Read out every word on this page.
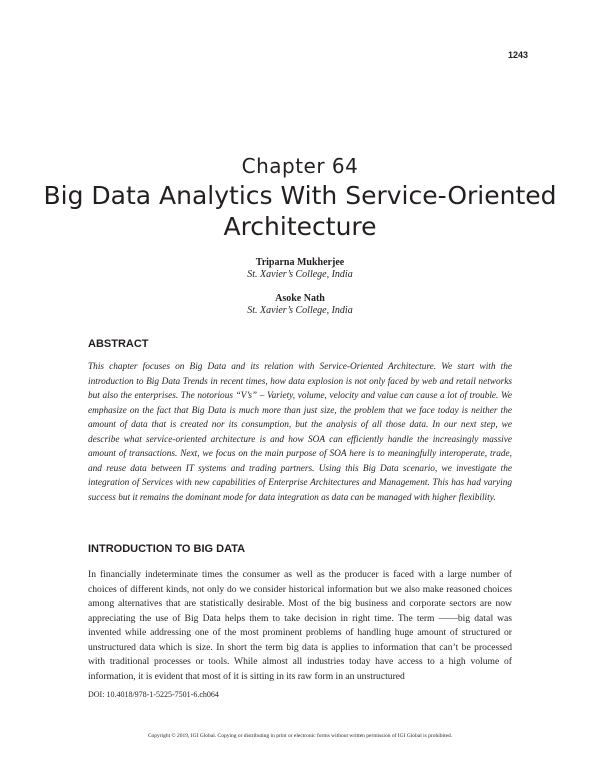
1243
Chapter 64
Big Data Analytics With Service-Oriented Architecture
Triparna Mukherjee
St. Xavier’s College, India
Asoke Nath
St. Xavier’s College, India
ABSTRACT

This chapter focuses on Big Data and its relation with Service-Oriented Architecture. We start with the introduction to Big Data Trends in recent times, how data explosion is not only faced by web and retail networks but also the enterprises. The notorious “V’s” – Variety, volume, velocity and value can cause a lot of trouble. We emphasize on the fact that Big Data is much more than just size, the problem that we face today is neither the amount of data that is created nor its consumption, but the analysis of all those data. In our next step, we describe what service-oriented architecture is and how SOA can efficiently handle the increasingly massive amount of transactions. Next, we focus on the main purpose of SOA here is to meaningfully interoperate, trade, and reuse data between IT systems and trading partners. Using this Big Data scenario, we investigate the integration of Services with new capabilities of Enterprise Architectures and Management. This has had varying success but it remains the dominant mode for data integration as data can be managed with higher flexibility.

INTRODUCTION TO BIG DATA

In financially indeterminate times the consumer as well as the producer is faced with a large number of choices of different kinds, not only do we consider historical information but we also make reasoned choices among alternatives that are statistically desirable. Most of the big business and corporate sectors are now appreciating the use of Big Data helps them to take decision in right time. The term ――big data‖ was invented while addressing one of the most prominent problems of handling huge amount of structured or unstructured data which is size. In short the term big data is applies to information that can’t be processed with traditional processes or tools. While almost all industries today have access to a high volume of information, it is evident that most of it is sitting in its raw form in an unstructured

DOI: 10.4018/978-1-5225-7501-6.ch064
Copyright © 2019, IGI Global. Copying or distributing in print or electronic forms without written permission of IGI Global is prohibited.
